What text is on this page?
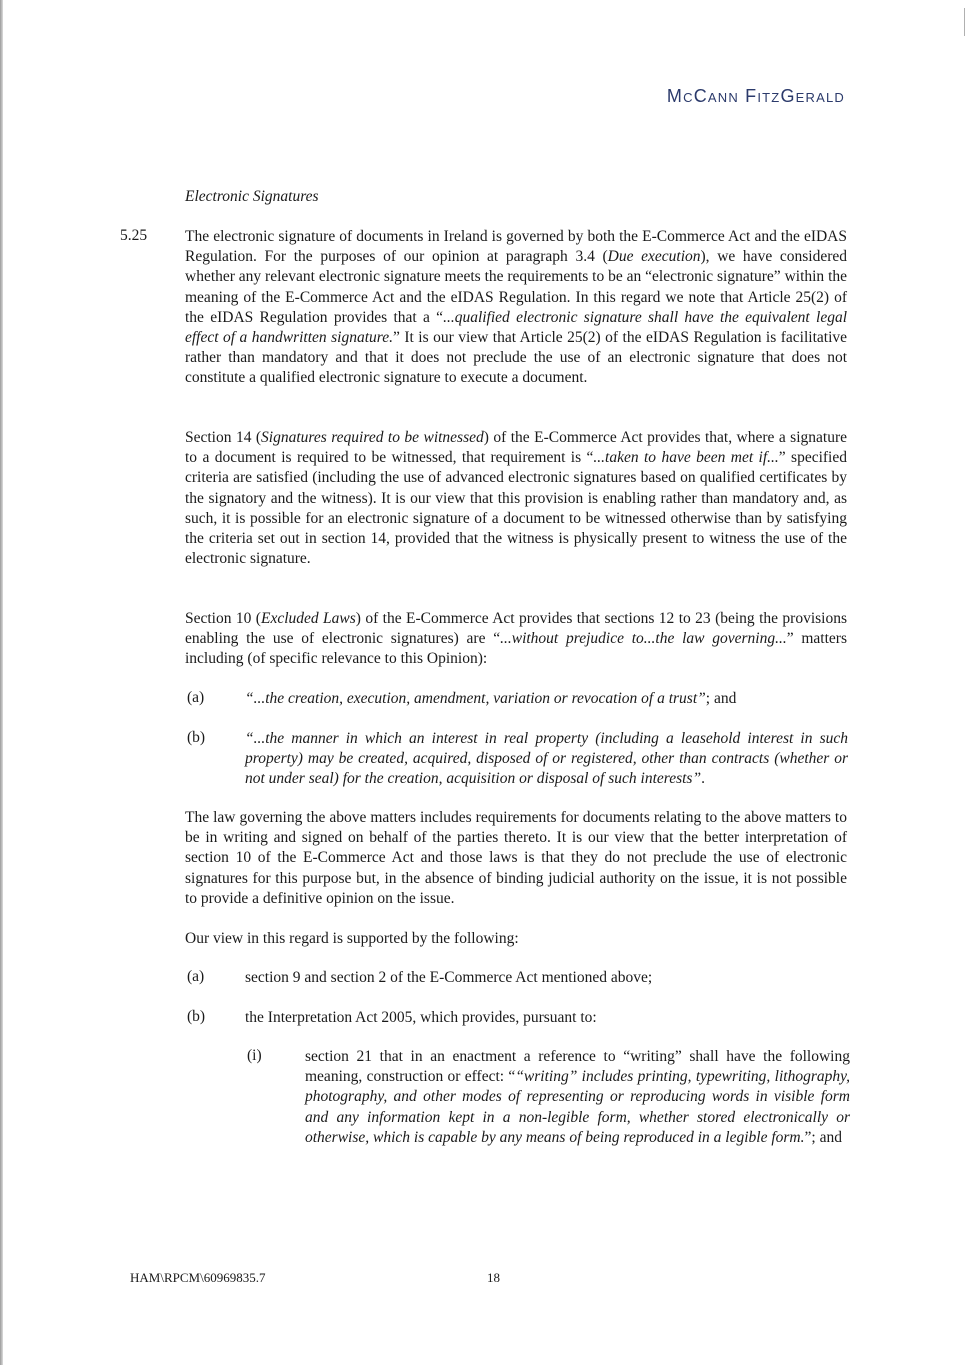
McCann FitzGerald
Electronic Signatures
5.25 The electronic signature of documents in Ireland is governed by both the E-Commerce Act and the eIDAS Regulation. For the purposes of our opinion at paragraph 3.4 (Due execution), we have considered whether any relevant electronic signature meets the requirements to be an “electronic signature” within the meaning of the E-Commerce Act and the eIDAS Regulation. In this regard we note that Article 25(2) of the eIDAS Regulation provides that a “...qualified electronic signature shall have the equivalent legal effect of a handwritten signature.” It is our view that Article 25(2) of the eIDAS Regulation is facilitative rather than mandatory and that it does not preclude the use of an electronic signature that does not constitute a qualified electronic signature to execute a document.
Section 14 (Signatures required to be witnessed) of the E-Commerce Act provides that, where a signature to a document is required to be witnessed, that requirement is “...taken to have been met if...” specified criteria are satisfied (including the use of advanced electronic signatures based on qualified certificates by the signatory and the witness). It is our view that this provision is enabling rather than mandatory and, as such, it is possible for an electronic signature of a document to be witnessed otherwise than by satisfying the criteria set out in section 14, provided that the witness is physically present to witness the use of the electronic signature.
Section 10 (Excluded Laws) of the E-Commerce Act provides that sections 12 to 23 (being the provisions enabling the use of electronic signatures) are “...without prejudice to...the law governing...” matters including (of specific relevance to this Opinion):
(a)	“...the creation, execution, amendment, variation or revocation of a trust”; and
(b)	“...the manner in which an interest in real property (including a leasehold interest in such property) may be created, acquired, disposed of or registered, other than contracts (whether or not under seal) for the creation, acquisition or disposal of such interests”.
The law governing the above matters includes requirements for documents relating to the above matters to be in writing and signed on behalf of the parties thereto. It is our view that the better interpretation of section 10 of the E-Commerce Act and those laws is that they do not preclude the use of electronic signatures for this purpose but, in the absence of binding judicial authority on the issue, it is not possible to provide a definitive opinion on the issue.
Our view in this regard is supported by the following:
(a)	section 9 and section 2 of the E-Commerce Act mentioned above;
(b)	the Interpretation Act 2005, which provides, pursuant to:
(i)	section 21 that in an enactment a reference to “writing” shall have the following meaning, construction or effect: ““writing” includes printing, typewriting, lithography, photography, and other modes of representing or reproducing words in visible form and any information kept in a non-legible form, whether stored electronically or otherwise, which is capable by any means of being reproduced in a legible form.”; and
HAM\RPCM\60969835.7	18
